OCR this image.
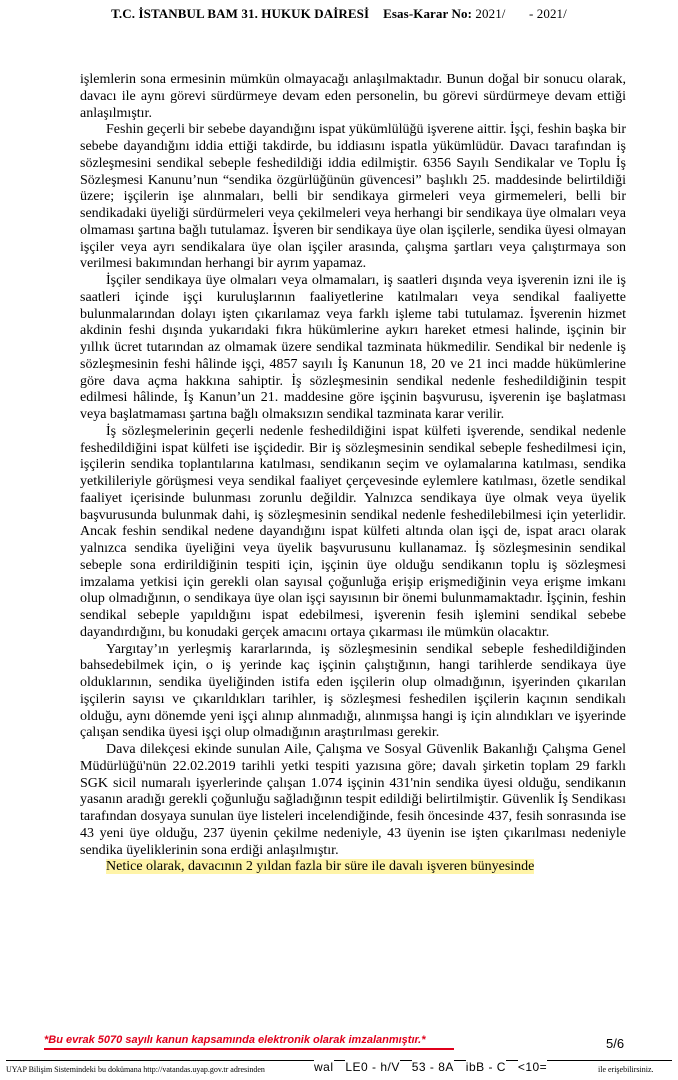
T.C. İSTANBUL BAM 31. HUKUK DAİRESİ Esas-Karar No: 2021/ - 2021/

işlemlerin sona ermesinin mümkün olmayacağı anlaşılmaktadır. Bunun doğal bir sonucu olarak, davacı ile aynı görevi sürdürmeye devam eden personelin, bu görevi sürdürmeye devam ettiği anlaşılmıştır.

Feshin geçerli bir sebebe dayandığını ispat yükümlülüğü işverene aittir. İşçi, feshin başka bir sebebe dayandığını iddia ettiği takdirde, bu iddiasını ispatla yükümlüdür. Davacı tarafından iş sözleşmesini sendikal sebeple feshedildiği iddia edilmiştir. 6356 Sayılı Sendikalar ve Toplu İş Sözleşmesi Kanunu’nun “sendika özgürlüğünün güvencesi” başlıklı 25. maddesinde belirtildiği üzere; işçilerin işe alınmaları, belli bir sendikaya girmeleri veya girmemeleri, belli bir sendikadaki üyeliği sürdürmeleri veya çekilmeleri veya herhangi bir sendikaya üye olmaları veya olmaması şartına bağlı tutulamaz. İşveren bir sendikaya üye olan işçilerle, sendika üyesi olmayan işçiler veya ayrı sendikalara üye olan işçiler arasında, çalışma şartları veya çalıştırmaya son verilmesi bakımından herhangi bir ayrım yapamaz.

İşçiler sendikaya üye olmaları veya olmamaları, iş saatleri dışında veya işverenin izni ile iş saatleri içinde işçi kuruluşlarının faaliyetlerine katılmaları veya sendikal faaliyette bulunmalarından dolayı işten çıkarılamaz veya farklı işleme tabi tutulamaz. İşverenin hizmet akdinin feshi dışında yukarıdaki fıkra hükümlerine aykırı hareket etmesi halinde, işçinin bir yıllık ücret tutarından az olmamak üzere sendikal tazminata hükmedilir. Sendikal bir nedenle iş sözleşmesinin feshi hâlinde işçi, 4857 sayılı İş Kanunun 18, 20 ve 21 inci madde hükümlerine göre dava açma hakkına sahiptir. İş sözleşmesinin sendikal nedenle feshedildiğinin tespit edilmesi hâlinde, İş Kanun’un 21. maddesine göre işçinin başvurusu, işverenin işe başlatması veya başlatmaması şartına bağlı olmaksızın sendikal tazminata karar verilir.

İş sözleşmelerinin geçerli nedenle feshedildiğini ispat külfeti işverende, sendikal nedenle feshedildiğini ispat külfeti ise işçidedir. Bir iş sözleşmesinin sendikal sebeple feshedilmesi için, işçilerin sendika toplantılarına katılması, sendikanın seçim ve oylamalarına katılması, sendika yetkilileriyle görüşmesi veya sendikal faaliyet çerçevesinde eylemlere katılması, özetle sendikal faaliyet içerisinde bulunması zorunlu değildir. Yalnızca sendikaya üye olmak veya üyelik başvurusunda bulunmak dahi, iş sözleşmesinin sendikal nedenle feshedilebilmesi için yeterlidir. Ancak feshin sendikal nedene dayandığını ispat külfeti altında olan işçi de, ispat aracı olarak yalnızca sendika üyeliğini veya üyelik başvurusunu kullanamaz. İş sözleşmesinin sendikal sebeple sona erdirildiğinin tespiti için, işçinin üye olduğu sendikanın toplu iş sözleşmesi imzalama yetkisi için gerekli olan sayısal çoğunluğa erişip erişmediğinin veya erişme imkanı olup olmadığının, o sendikaya üye olan işçi sayısının bir önemi bulunmamaktadır. İşçinin, feshin sendikal sebeple yapıldığını ispat edebilmesi, işverenin fesih işlemini sendikal sebebe dayandırdığını, bu konudaki gerçek amacını ortaya çıkarması ile mümkün olacaktır.

Yargıtay’ın yerleşmiş kararlarında, iş sözleşmesinin sendikal sebeple feshedildiğinden bahsedebilmek için, o iş yerinde kaç işçinin çalıştığının, hangi tarihlerde sendikaya üye olduklarının, sendika üyeliğinden istifa eden işçilerin olup olmadığının, işyerinden çıkarılan işçilerin sayısı ve çıkarıldıkları tarihler, iş sözleşmesi feshedilen işçilerin kaçının sendikalı olduğu, aynı dönemde yeni işçi alınıp alınmadığı, alınmışsa hangi iş için alındıkları ve işyerinde çalışan sendika üyesi işçi olup olmadığının araştırılması gerekir.

Dava dilekçesi ekinde sunulan Aile, Çalışma ve Sosyal Güvenlik Bakanlığı Çalışma Genel Müdürlüğü'nün 22.02.2019 tarihli yetki tespiti yazısına göre; davalı şirketin toplam 29 farklı SGK sicil numaralı işyerlerinde çalışan 1.074 işçinin 431'nin sendika üyesi olduğu, sendikanın yasanın aradığı gerekli çoğunluğu sağladığının tespit edildiği belirtilmiştir. Güvenlik İş Sendikası tarafından dosyaya sunulan üye listeleri incelendiğinde, fesih öncesinde 437, fesih sonrasında ise 43 yeni üye olduğu, 237 üyenin çekilme nedeniyle, 43 üyenin ise işten çıkarılması nedeniyle sendika üyeliklerinin sona erdiği anlaşılmıştır.

Netice olarak, davacının 2 yıldan fazla bir süre ile davalı işveren bünyesinde

*Bu evrak 5070 sayılı kanun kapsamında elektronik olarak imzalanmıştır.*	5/6
UYAP Bilişim Sistemindeki bu dokümana http://vatandas.uyap.gov.tr adresinden	wal LE0 - h/V 53 - 8A ibB - C <10=	ile erişebilirsiniz.
